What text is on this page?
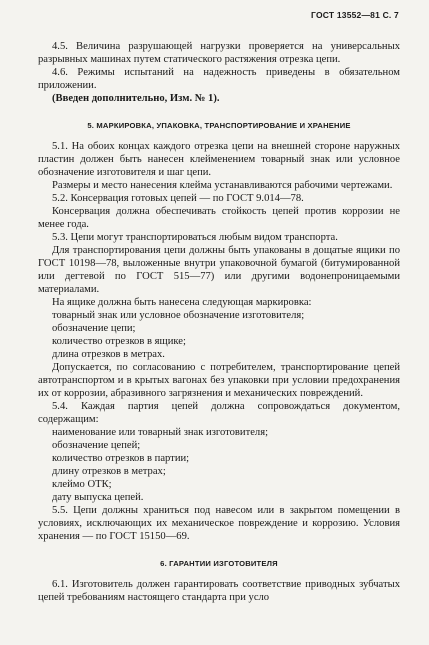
ГОСТ 13552—81 С. 7

4.5. Величина разрушающей нагрузки проверяется на универсальных разрывных машинах путем статического растяжения отрезка цепи.

4.6. Режимы испытаний на надежность приведены в обязательном приложении.

(Введен дополнительно, Изм. № 1).

5. МАРКИРОВКА, УПАКОВКА, ТРАНСПОРТИРОВАНИЕ И ХРАНЕНИЕ

5.1. На обоих концах каждого отрезка цепи на внешней стороне наружных пластин должен быть нанесен клейменением товарный знак или условное обозначение изготовителя и шаг цепи.

Размеры и место нанесения клейма устанавливаются рабочими чертежами.

5.2. Консервация готовых цепей — по ГОСТ 9.014—78.

Консервация должна обеспечивать стойкость цепей против коррозии не менее года.

5.3. Цепи могут транспортироваться любым видом транспорта.

Для транспортирования цепи должны быть упакованы в дощатые ящики по ГОСТ 10198—78, выложенные внутри упаковочной бумагой (битумированной или дегтевой по ГОСТ 515—77) или другими водонепроницаемыми материалами.

На ящике должна быть нанесена следующая маркировка:

товарный знак или условное обозначение изготовителя;

обозначение цепи;

количество отрезков в ящике;

длина отрезков в метрах.

Допускается, по согласованию с потребителем, транспортирование цепей автотранспортом и в крытых вагонах без упаковки при условии предохранения их от коррозии, абразивного загрязнения и механических повреждений.

5.4. Каждая партия цепей должна сопровождаться документом, содержащим:

наименование или товарный знак изготовителя;

обозначение цепей;

количество отрезков в партии;

длину отрезков в метрах;

клеймо ОТК;

дату выпуска цепей.

5.5. Цепи должны храниться под навесом или в закрытом помещении в условиях, исключающих их механическое повреждение и коррозию. Условия хранения — по ГОСТ 15150—69.

6. ГАРАНТИИ ИЗГОТОВИТЕЛЯ

6.1. Изготовитель должен гарантировать соответствие приводных зубчатых цепей требованиям настоящего стандарта при усло
